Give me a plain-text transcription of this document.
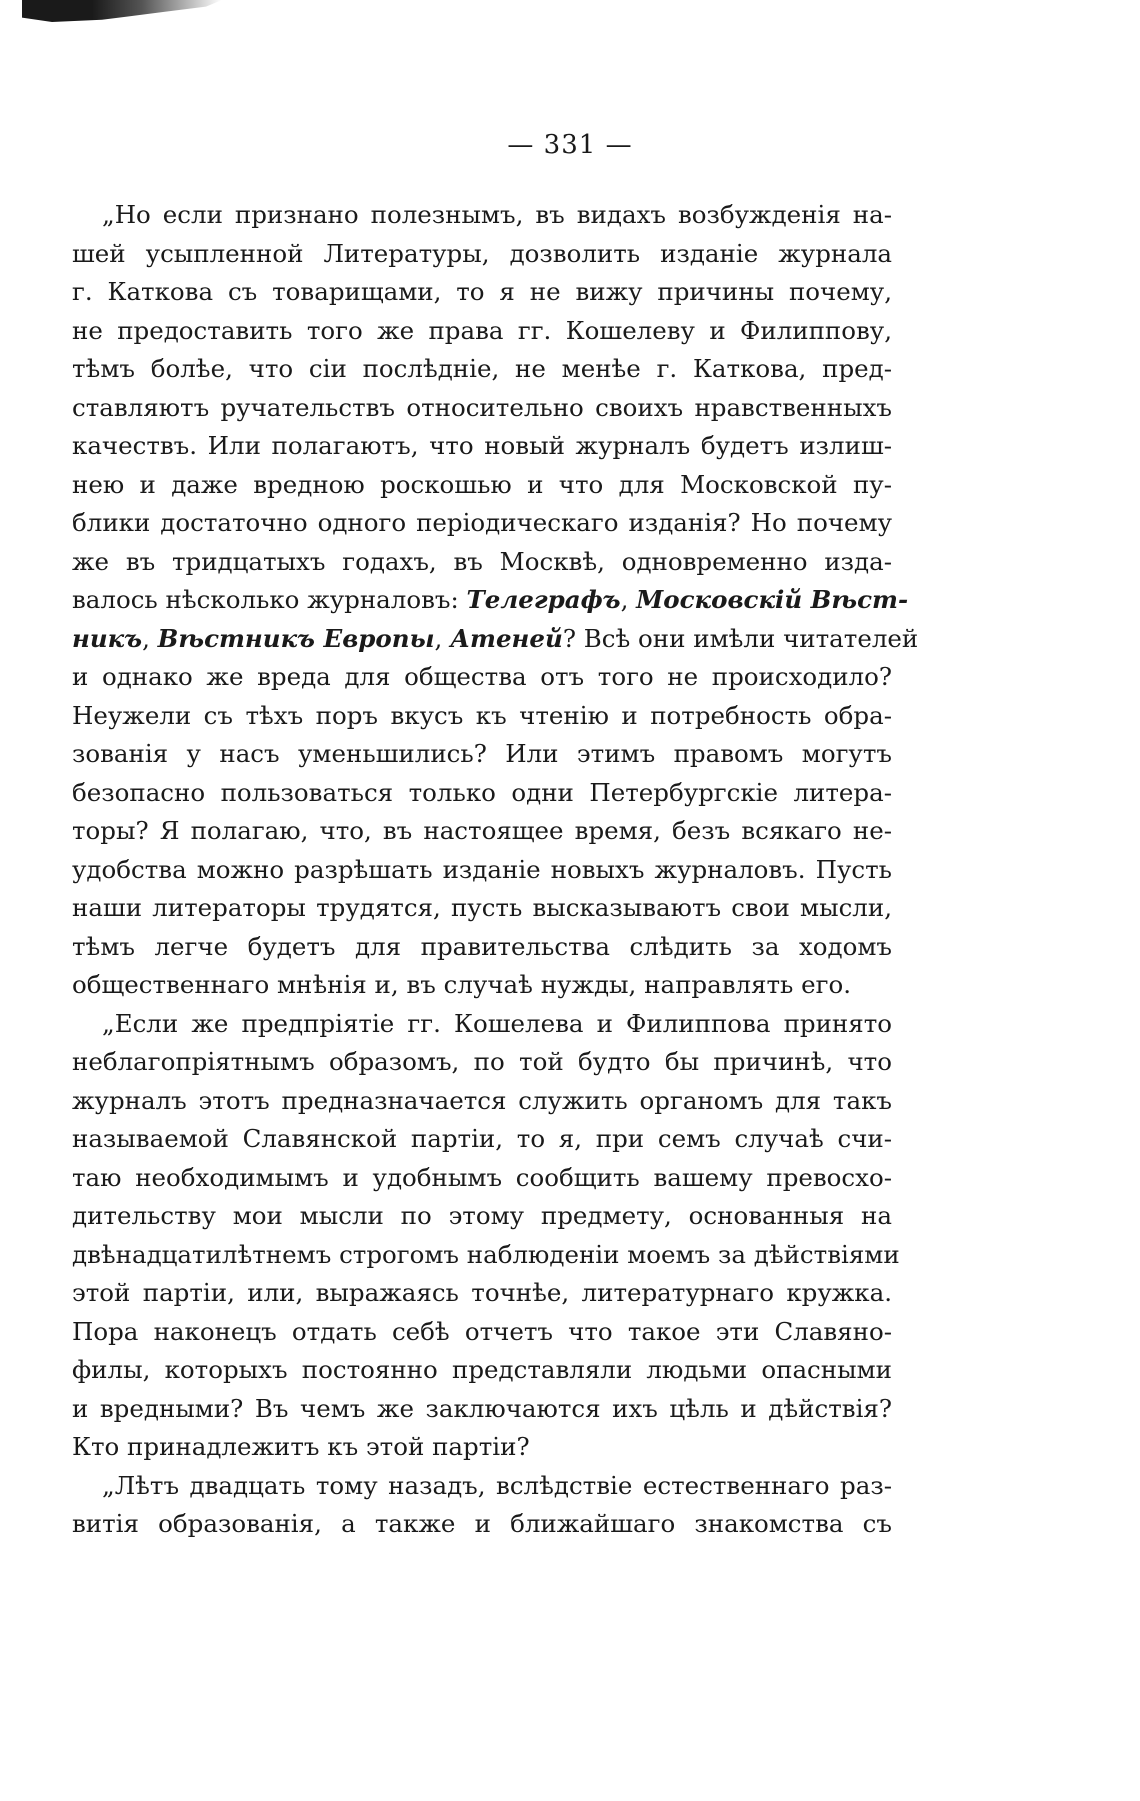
— 331 —
„Но если признано полезнымъ, въ видахъ возбужденія на-
шей усыпленной Литературы, дозволить изданіе журнала
г. Каткова съ товарищами, то я не вижу причины почему,
не предоставить того же права гг. Кошелеву и Филиппову,
тѣмъ болѣе, что сіи послѣдніе, не менѣе г. Каткова, пред-
ставляютъ ручательствъ относительно своихъ нравственныхъ
качествъ. Или полагаютъ, что новый журналъ будетъ излиш-
нею и даже вредною роскошью и что для Московской пу-
блики достаточно одного періодическаго изданія? Но почему
же въ тридцатыхъ годахъ, въ Москвѣ, одновременно изда-
валось нѣсколько журналовъ: Телеграфъ, Московскій Вѣст-
никъ, Вѣстникъ Европы, Атеней? Всѣ они имѣли читателей
и однако же вреда для общества отъ того не происходило?
Неужели съ тѣхъ поръ вкусъ къ чтенію и потребность обра-
зованія у насъ уменьшились? Или этимъ правомъ могутъ
безопасно пользоваться только одни Петербургскіе литера-
торы? Я полагаю, что, въ настоящее время, безъ всякаго не-
удобства можно разрѣшать изданіе новыхъ журналовъ. Пусть
наши литераторы трудятся, пусть высказываютъ свои мысли,
тѣмъ легче будетъ для правительства слѣдить за ходомъ
общественнаго мнѣнія и, въ случаѣ нужды, направлять его.
„Если же предпріятіе гг. Кошелева и Филиппова принято
неблагопріятнымъ образомъ, по той будто бы причинѣ, что
журналъ этотъ предназначается служить органомъ для такъ
называемой Славянской партіи, то я, при семъ случаѣ счи-
таю необходимымъ и удобнымъ сообщить вашему превосхо-
дительству мои мысли по этому предмету, основанныя на
двѣнадцатилѣтнемъ строгомъ наблюденіи моемъ за дѣйствіями
этой партіи, или, выражаясь точнѣе, литературнаго кружка.
Пора наконецъ отдать себѣ отчетъ что такое эти Славяно-
филы, которыхъ постоянно представляли людьми опасными
и вредными? Въ чемъ же заключаются ихъ цѣль и дѣйствія?
Кто принадлежитъ къ этой партіи?
„Лѣтъ двадцать тому назадъ, вслѣдствіе естественнаго раз-
витія образованія, а также и ближайшаго знакомства съ
